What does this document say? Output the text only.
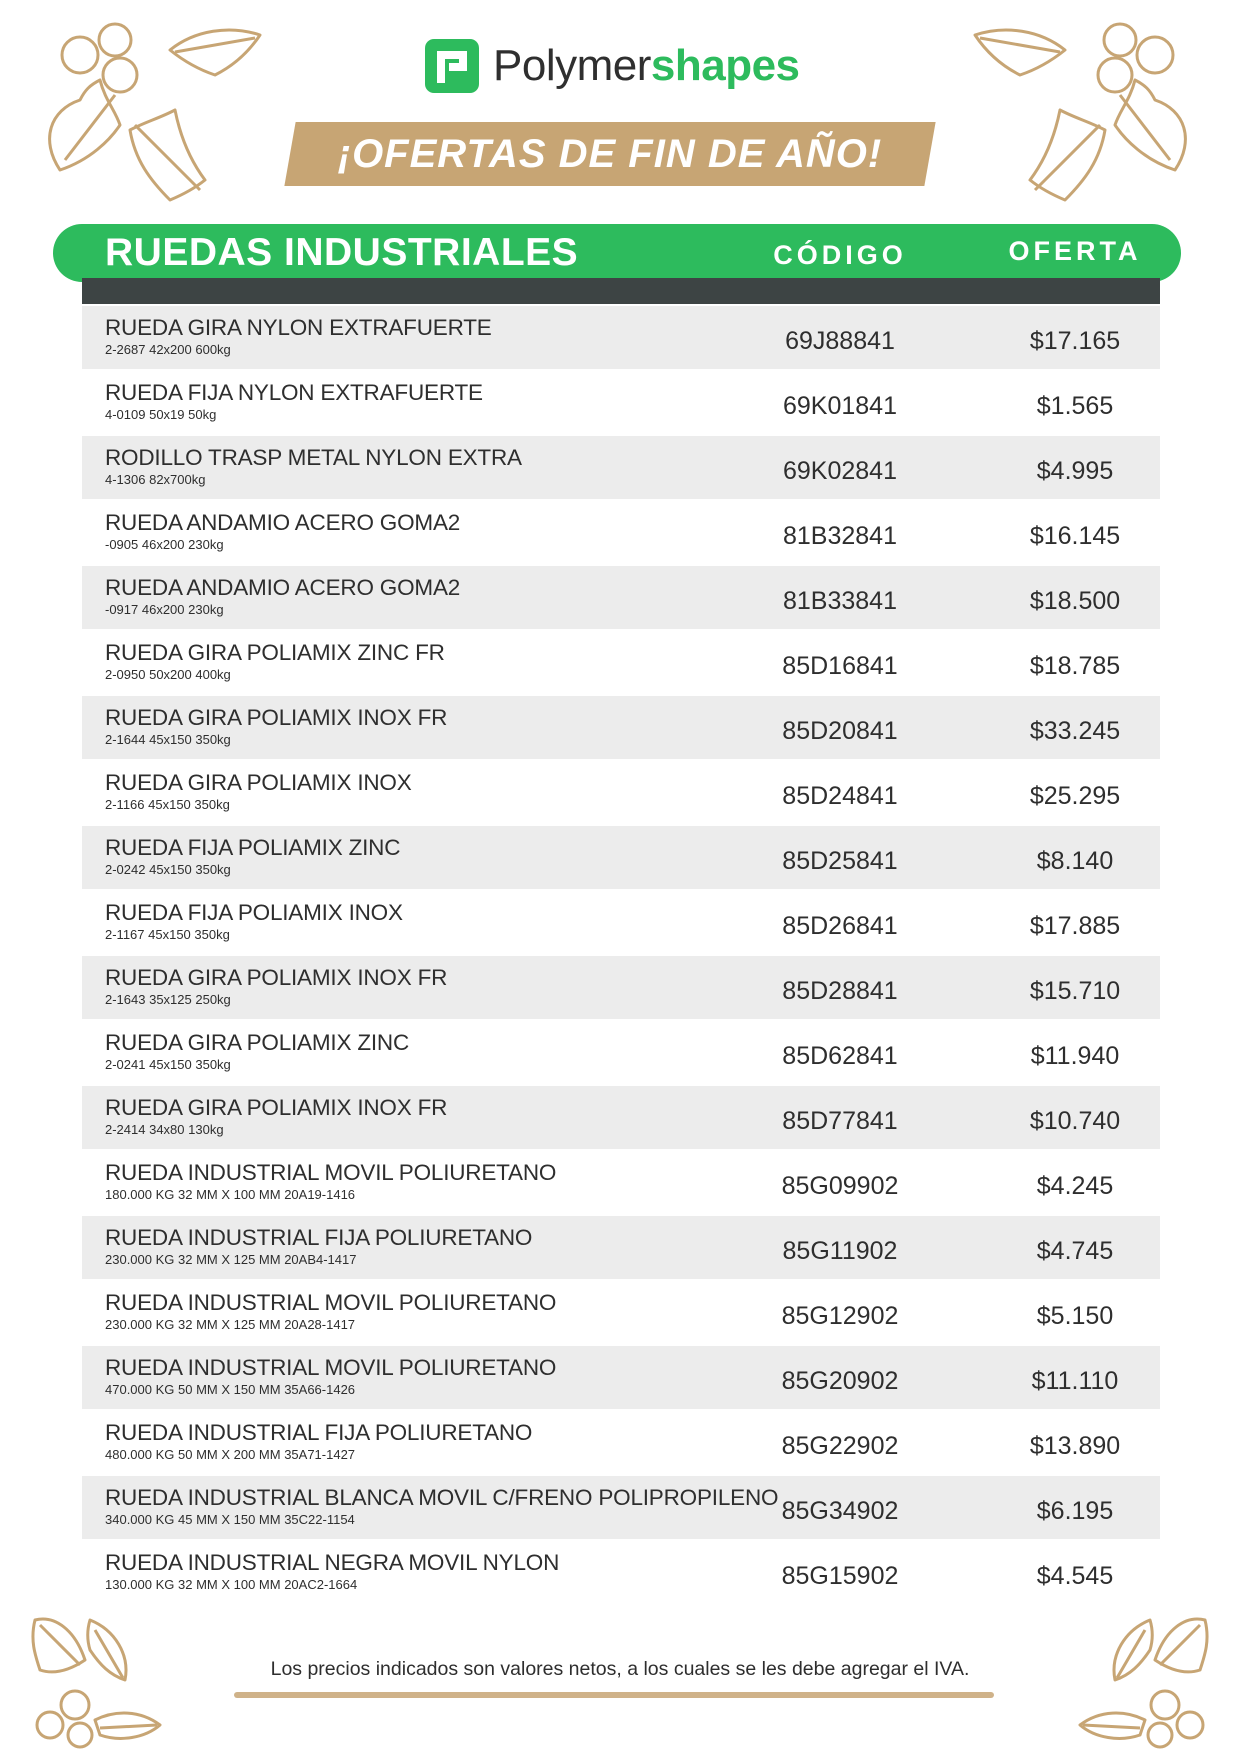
Polymershapes
¡OFERTAS DE FIN DE AÑO!
RUEDAS INDUSTRIALES	CÓDIGO	OFERTA
RUEDA GIRA NYLON EXTRAFUERTE
2-2687 42x200 600kg	69J88841	$17.165
RUEDA FIJA NYLON EXTRAFUERTE
4-0109 50x19 50kg	69K01841	$1.565
RODILLO TRASP METAL NYLON EXTRA
4-1306 82x700kg	69K02841	$4.995
RUEDA ANDAMIO ACERO GOMA2
-0905 46x200 230kg	81B32841	$16.145
RUEDA ANDAMIO ACERO GOMA2
-0917 46x200 230kg	81B33841	$18.500
RUEDA GIRA POLIAMIX ZINC FR
2-0950 50x200 400kg	85D16841	$18.785
RUEDA GIRA POLIAMIX INOX FR
2-1644 45x150 350kg	85D20841	$33.245
RUEDA GIRA POLIAMIX INOX
2-1166 45x150 350kg	85D24841	$25.295
RUEDA FIJA POLIAMIX ZINC
2-0242 45x150 350kg	85D25841	$8.140
RUEDA FIJA POLIAMIX INOX
2-1167 45x150 350kg	85D26841	$17.885
RUEDA GIRA POLIAMIX INOX FR
2-1643 35x125 250kg	85D28841	$15.710
RUEDA GIRA POLIAMIX ZINC
2-0241 45x150 350kg	85D62841	$11.940
RUEDA GIRA POLIAMIX INOX FR
2-2414 34x80 130kg	85D77841	$10.740
RUEDA INDUSTRIAL MOVIL POLIURETANO
180.000 KG 32 MM X 100 MM 20A19-1416	85G09902	$4.245
RUEDA INDUSTRIAL FIJA POLIURETANO
230.000 KG 32 MM X 125 MM 20AB4-1417	85G11902	$4.745
RUEDA INDUSTRIAL MOVIL POLIURETANO
230.000 KG 32 MM X 125 MM 20A28-1417	85G12902	$5.150
RUEDA INDUSTRIAL MOVIL POLIURETANO
470.000 KG 50 MM X 150 MM 35A66-1426	85G20902	$11.110
RUEDA INDUSTRIAL FIJA POLIURETANO
480.000 KG 50 MM X 200 MM 35A71-1427	85G22902	$13.890
RUEDA INDUSTRIAL BLANCA MOVIL C/FRENO POLIPROPILENO
340.000 KG 45 MM X 150 MM 35C22-1154	85G34902	$6.195
RUEDA INDUSTRIAL NEGRA MOVIL NYLON
130.000 KG 32 MM X 100 MM 20AC2-1664	85G15902	$4.545
Los precios indicados son valores netos, a los cuales se les debe agregar el IVA.
